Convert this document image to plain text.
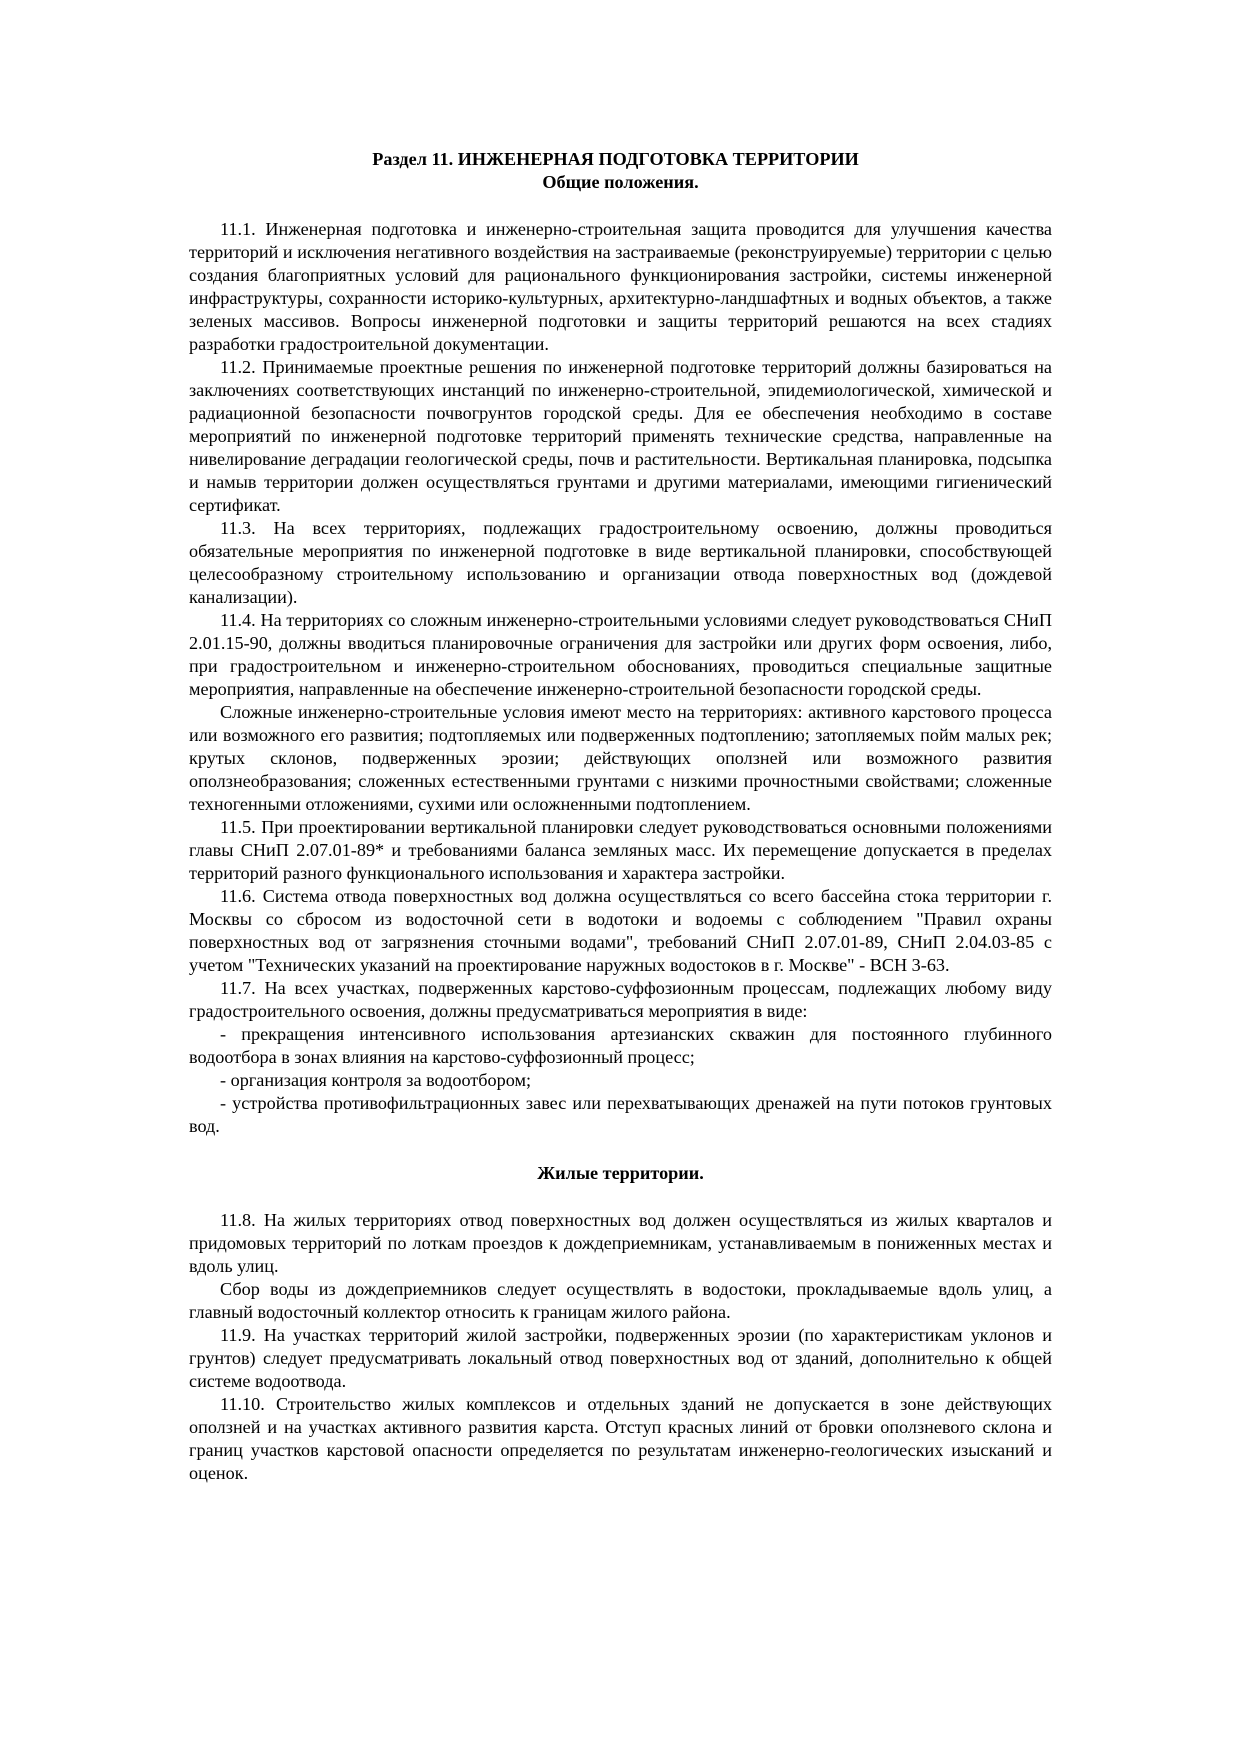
Раздел 11. ИНЖЕНЕРНАЯ ПОДГОТОВКА ТЕРРИТОРИИ
Общие положения.

11.1. Инженерная подготовка и инженерно-строительная защита проводится для улучшения качества территорий и исключения негативного воздействия на застраиваемые (реконструируемые) территории с целью создания благоприятных условий для рационального функционирования застройки, системы инженерной инфраструктуры, сохранности историко-культурных, архитектурно-ландшафтных и водных объектов, а также зеленых массивов. Вопросы инженерной подготовки и защиты территорий решаются на всех стадиях разработки градостроительной документации.

11.2. Принимаемые проектные решения по инженерной подготовке территорий должны базироваться на заключениях соответствующих инстанций по инженерно-строительной, эпидемиологической, химической и радиационной безопасности почвогрунтов городской среды. Для ее обеспечения необходимо в составе мероприятий по инженерной подготовке территорий применять технические средства, направленные на нивелирование деградации геологической среды, почв и растительности. Вертикальная планировка, подсыпка и намыв территории должен осуществляться грунтами и другими материалами, имеющими гигиенический сертификат.

11.3. На всех территориях, подлежащих градостроительному освоению, должны проводиться обязательные мероприятия по инженерной подготовке в виде вертикальной планировки, способствующей целесообразному строительному использованию и организации отвода поверхностных вод (дождевой канализации).

11.4. На территориях со сложным инженерно-строительными условиями следует руководствоваться СНиП 2.01.15-90, должны вводиться планировочные ограничения для застройки или других форм освоения, либо, при градостроительном и инженерно-строительном обоснованиях, проводиться специальные защитные мероприятия, направленные на обеспечение инженерно-строительной безопасности городской среды.

Сложные инженерно-строительные условия имеют место на территориях: активного карстового процесса или возможного его развития; подтопляемых или подверженных подтоплению; затопляемых пойм малых рек; крутых склонов, подверженных эрозии; действующих оползней или возможного развития оползнеобразования; сложенных естественными грунтами с низкими прочностными свойствами; сложенные техногенными отложениями, сухими или осложненными подтоплением.

11.5. При проектировании вертикальной планировки следует руководствоваться основными положениями главы СНиП 2.07.01-89* и требованиями баланса земляных масс. Их перемещение допускается в пределах территорий разного функционального использования и характера застройки.

11.6. Система отвода поверхностных вод должна осуществляться со всего бассейна стока территории г. Москвы со сбросом из водосточной сети в водотоки и водоемы с соблюдением "Правил охраны поверхностных вод от загрязнения сточными водами", требований СНиП 2.07.01-89, СНиП 2.04.03-85 с учетом "Технических указаний на проектирование наружных водостоков в г. Москве" - ВСН 3-63.

11.7. На всех участках, подверженных карстово-суффозионным процессам, подлежащих любому виду градостроительного освоения, должны предусматриваться мероприятия в виде:

- прекращения интенсивного использования артезианских скважин для постоянного глубинного водоотбора в зонах влияния на карстово-суффозионный процесс;

- организация контроля за водоотбором;

- устройства противофильтрационных завес или перехватывающих дренажей на пути потоков грунтовых вод.

Жилые территории.

11.8. На жилых территориях отвод поверхностных вод должен осуществляться из жилых кварталов и придомовых территорий по лоткам проездов к дождеприемникам, устанавливаемым в пониженных местах и вдоль улиц.

Сбор воды из дождеприемников следует осуществлять в водостоки, прокладываемые вдоль улиц, а главный водосточный коллектор относить к границам жилого района.

11.9. На участках территорий жилой застройки, подверженных эрозии (по характеристикам уклонов и грунтов) следует предусматривать локальный отвод поверхностных вод от зданий, дополнительно к общей системе водоотвода.

11.10. Строительство жилых комплексов и отдельных зданий не допускается в зоне действующих оползней и на участках активного развития карста. Отступ красных линий от бровки оползневого склона и границ участков карстовой опасности определяется по результатам инженерно-геологических изысканий и оценок.
